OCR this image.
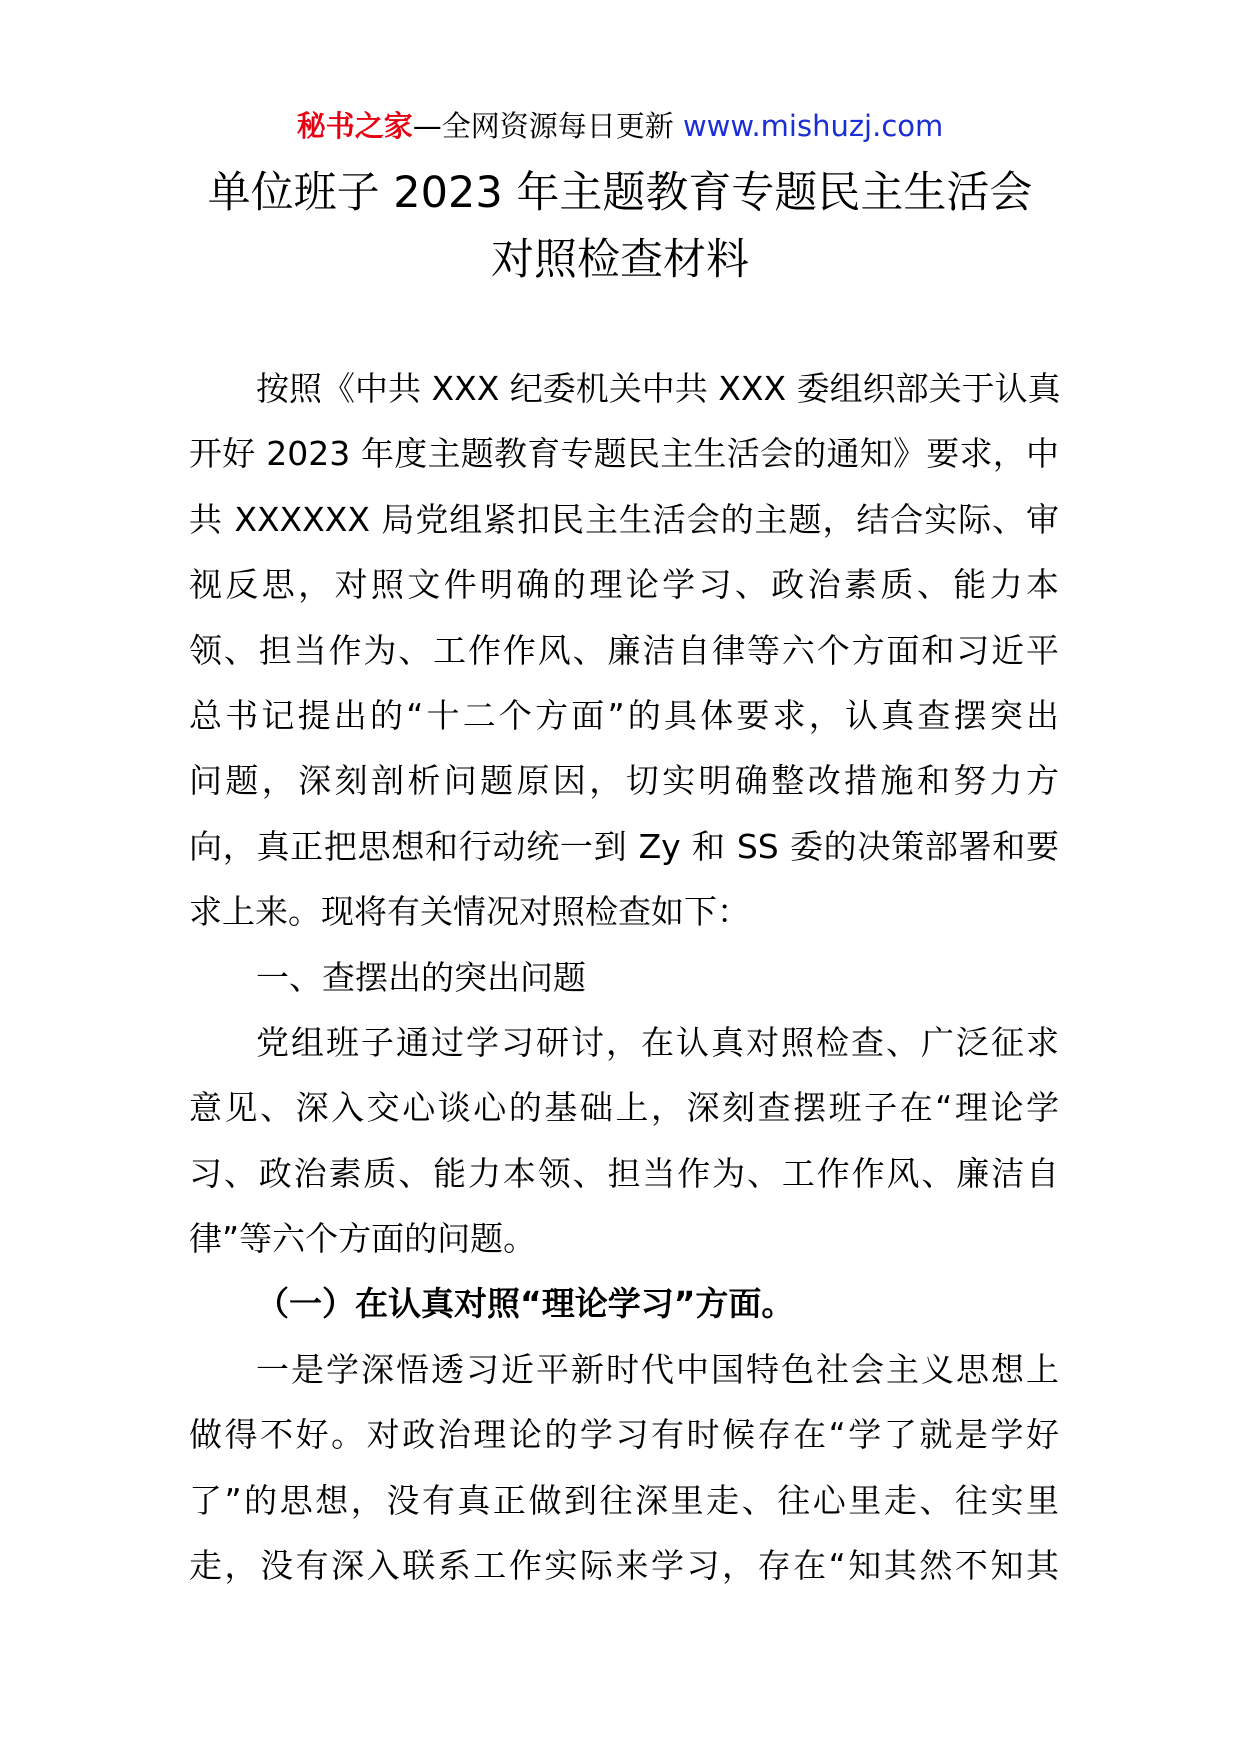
秘书之家—全网资源每日更新 www.mishuzj.com
单位班子 2023 年主题教育专题民主生活会
对照检查材料
按照《中共 XXX 纪委机关中共 XXX 委组织部关于认真
开好 2023 年度主题教育专题民主生活会的通知》要求，中
共 XXXXXX 局党组紧扣民主生活会的主题，结合实际、审
视反思，对照文件明确的理论学习、政治素质、能力本
领、担当作为、工作作风、廉洁自律等六个方面和习近平
总书记提出的“十二个方面”的具体要求，认真查摆突出
问题，深刻剖析问题原因，切实明确整改措施和努力方
向，真正把思想和行动统一到 Zy 和 SS 委的决策部署和要
求上来。现将有关情况对照检查如下：
一、查摆出的突出问题
党组班子通过学习研讨，在认真对照检查、广泛征求
意见、深入交心谈心的基础上，深刻查摆班子在“理论学
习、政治素质、能力本领、担当作为、工作作风、廉洁自
律”等六个方面的问题。
（一）在认真对照“理论学习”方面。
一是学深悟透习近平新时代中国特色社会主义思想上
做得不好。对政治理论的学习有时候存在“学了就是学好
了”的思想，没有真正做到往深里走、往心里走、往实里
走，没有深入联系工作实际来学习，存在“知其然不知其
